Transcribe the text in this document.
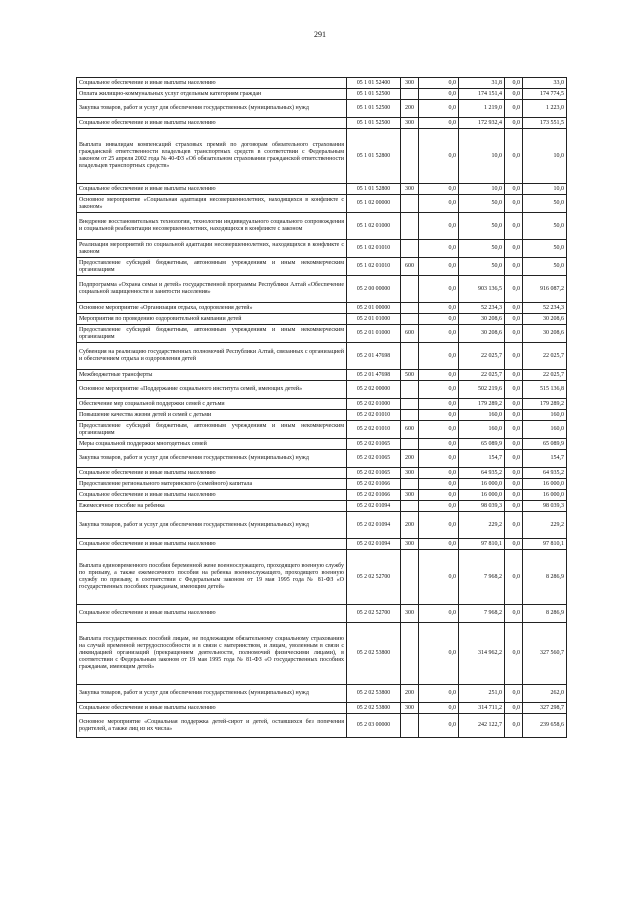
291
Социальное обеспечение и иные выплаты населению	05 1 01 52400	300	0,0	31,8	0,0	33,0
Оплата жилищно-коммунальных услуг отдельным категориям граждан	05 1 01 52500		0,0	174 151,4	0,0	174 774,5
Закупка товаров, работ и услуг для обеспечения государственных (муниципальных) нужд	05 1 01 52500	200	0,0	1 219,0	0,0	1 223,0
Социальное обеспечение и иные выплаты населению	05 1 01 52500	300	0,0	172 932,4	0,0	173 551,5
Выплата инвалидам компенсаций страховых премий по договорам обязательного страхования гражданской ответственности владельцев транспортных средств в соответствии с Федеральным законом от 25 апреля 2002 года № 40-ФЗ «Об обязательном страховании гражданской ответственности владельцев транспортных средств»	05 1 01 52800		0,0	10,0	0,0	10,0
Социальное обеспечение и иные выплаты населению	05 1 01 52800	300	0,0	10,0	0,0	10,0
Основное мероприятие «Социальная адаптация несовершеннолетних, находящихся в конфликте с законом»	05 1 02 00000		0,0	50,0	0,0	50,0
Внедрение восстановительных технологии, технологии индивидуального социального сопровождения и социальной реабилитации несовершеннолетних, находящихся в конфликте с законом	05 1 02 01000		0,0	50,0	0,0	50,0
Реализация мероприятий по социальной адаптации несовершеннолетних, находящихся в конфликте с законом	05 1 02 01010		0,0	50,0	0,0	50,0
Предоставление субсидий бюджетным, автономным учреждениям и иным некоммерческим организациям	05 1 02 01010	600	0,0	50,0	0,0	50,0
Подпрограмма «Охрана семьи и детей» государственной программы Республики Алтай «Обеспечение социальной защищенности и занятости населения»	05 2 00 00000		0,0	903 136,5	0,0	916 087,2
Основное мероприятие «Организация отдыха, оздоровления детей»	05 2 01 00000		0,0	52 234,3	0,0	52 234,3
Мероприятия по проведению оздоровительной кампании детей	05 2 01 01000		0,0	30 208,6	0,0	30 208,6
Предоставление субсидий бюджетным, автономным учреждениям и иным некоммерческим организациям	05 2 01 01000	600	0,0	30 208,6	0,0	30 208,6
Субвенция на реализацию государственных полномочий Республики Алтай, связанных с организацией и обеспечением отдыха и оздоровления детей	05 2 01 47698		0,0	22 025,7	0,0	22 025,7
Межбюджетные трансферты	05 2 01 47698	500	0,0	22 025,7	0,0	22 025,7
Основное мероприятие «Поддержание социального института семей, имеющих детей»	05 2 02 00000		0,0	502 219,6	0,0	515 136,8
Обеспечение мер социальной поддержки семей с детьми	05 2 02 01000		0,0	179 289,2	0,0	179 289,2
Повышение качества жизни детей и семей с детьми	05 2 02 01010		0,0	160,0	0,0	160,0
Предоставление субсидий бюджетным, автономным учреждениям и иным некоммерческим организациям	05 2 02 01010	600	0,0	160,0	0,0	160,0
Меры социальной поддержки многодетных семей	05 2 02 01065		0,0	65 089,9	0,0	65 089,9
Закупка товаров, работ и услуг для обеспечения государственных (муниципальных) нужд	05 2 02 01065	200	0,0	154,7	0,0	154,7
Социальное обеспечение и иные выплаты населению	05 2 02 01065	300	0,0	64 935,2	0,0	64 935,2
Предоставление регионального материнского (семейного) капитала	05 2 02 01066		0,0	16 000,0	0,0	16 000,0
Социальное обеспечение и иные выплаты населению	05 2 02 01066	300	0,0	16 000,0	0,0	16 000,0
Ежемесячное пособие на ребенка	05 2 02 01094		0,0	98 039,3	0,0	98 039,3
Закупка товаров, работ и услуг для обеспечения государственных (муниципальных) нужд	05 2 02 01094	200	0,0	229,2	0,0	229,2
Социальное обеспечение и иные выплаты населению	05 2 02 01094	300	0,0	97 810,1	0,0	97 810,1
Выплата единовременного пособия беременной жене военнослужащего, проходящего военную службу по призыву, а также ежемесячного пособия на ребенка военнослужащего, проходящего военную службу по призыву, в соответствии с Федеральным законом от 19 мая 1995 года № 81-ФЗ «О государственных пособиях гражданам, имеющим детей»	05 2 02 52700		0,0	7 968,2	0,0	8 286,9
Социальное обеспечение и иные выплаты населению	05 2 02 52700	300	0,0	7 968,2	0,0	8 286,9
Выплата государственных пособий лицам, не подлежащим обязательному социальному страхованию на случай временной нетрудоспособности и в связи с материнством, и лицам, уволенным в связи с ликвидацией организаций (прекращением деятельности, полномочий физическими лицами), в соответствии с Федеральным законом от 19 мая 1995 года № 81-ФЗ «О государственных пособиях гражданам, имеющим детей»	05 2 02 53800		0,0	314 962,2	0,0	327 560,7
Закупка товаров, работ и услуг для обеспечения государственных (муниципальных) нужд	05 2 02 53800	200	0,0	251,0	0,0	262,0
Социальное обеспечение и иные выплаты населению	05 2 02 53800	300	0,0	314 711,2	0,0	327 298,7
Основное мероприятие «Социальная поддержка детей-сирот и детей, оставшихся без попечения родителей, а также лиц из их числа»	05 2 03 00000		0,0	242 122,7	0,0	239 658,6
